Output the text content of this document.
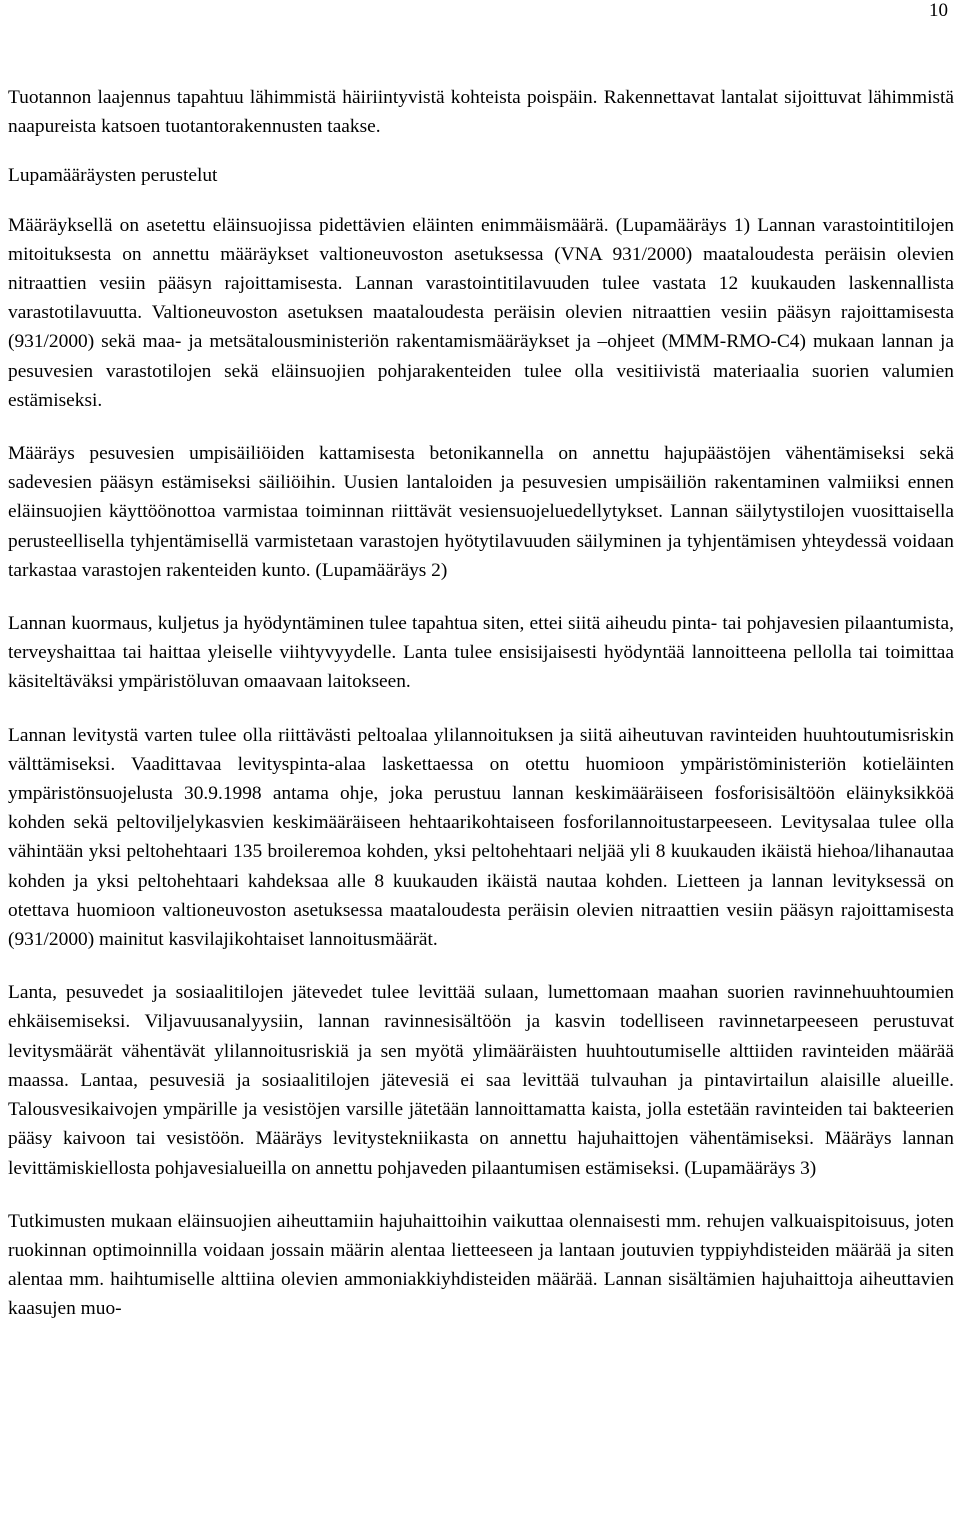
10

Tuotannon laajennus tapahtuu lähimmistä häiriintyvistä kohteista poispäin. Rakennettavat lantalat sijoittuvat lähimmistä naapureista katsoen tuotantorakennusten taakse.

Lupamääräysten perustelut

Määräyksellä on asetettu eläinsuojissa pidettävien eläinten enimmäismäärä. (Lupamääräys 1) Lannan varastointitilojen mitoituksesta on annettu määräykset valtioneuvoston asetuksessa (VNA 931/2000) maataloudesta peräisin olevien nitraattien vesiin pääsyn rajoittamisesta. Lannan varastointitilavuuden tulee vastata 12 kuukauden laskennallista varastotilavuutta. Valtioneuvoston asetuksen maataloudesta peräisin olevien nitraattien vesiin pääsyn rajoittamisesta (931/2000) sekä maa- ja metsätalousministeriön rakentamismääräykset ja –ohjeet (MMM-RMO-C4) mukaan lannan ja pesuvesien varastotilojen sekä eläinsuojien pohjarakenteiden tulee olla vesitiivistä materiaalia suorien valumien estämiseksi.

Määräys pesuvesien umpisäiliöiden kattamisesta betonikannella on annettu hajupäästöjen vähentämiseksi sekä sadevesien pääsyn estämiseksi säiliöihin. Uusien lantaloiden ja pesuvesien umpisäiliön rakentaminen valmiiksi ennen eläinsuojien käyttöönottoa varmistaa toiminnan riittävät vesiensuojeluedellytykset. Lannan säilytystilojen vuosittaisella perusteellisella tyhjentämisellä varmistetaan varastojen hyötytilavuuden säilyminen ja tyhjentämisen yhteydessä voidaan tarkastaa varastojen rakenteiden kunto. (Lupamääräys 2)

Lannan kuormaus, kuljetus ja hyödyntäminen tulee tapahtua siten, ettei siitä aiheudu pinta- tai pohjavesien pilaantumista, terveyshaittaa tai haittaa yleiselle viihtyvyydelle. Lanta tulee ensisijaisesti hyödyntää lannoitteena pellolla tai toimittaa käsiteltäväksi ympäristöluvan omaavaan laitokseen.

Lannan levitystä varten tulee olla riittävästi peltoalaa ylilannoituksen ja siitä aiheutuvan ravinteiden huuhtoutumisriskin välttämiseksi. Vaadittavaa levityspinta-alaa laskettaessa on otettu huomioon ympäristöministeriön kotieläinten ympäristönsuojelusta 30.9.1998 antama ohje, joka perustuu lannan keskimääräiseen fosforisisältöön eläinyksikköä kohden sekä peltoviljelykasvien keskimääräiseen hehtaarikohtaiseen fosforilannoitustarpeeseen. Levitysalaa tulee olla vähintään yksi peltohehtaari 135 broileremoa kohden, yksi peltohehtaari neljää yli 8 kuukauden ikäistä hiehoa/lihanautaa kohden ja yksi peltohehtaari kahdeksaa alle 8 kuukauden ikäistä nautaa kohden. Lietteen ja lannan levityksessä on otettava huomioon valtioneuvoston asetuksessa maataloudesta peräisin olevien nitraattien vesiin pääsyn rajoittamisesta (931/2000) mainitut kasvilajikohtaiset lannoitusmäärät.

Lanta, pesuvedet ja sosiaalitilojen jätevedet tulee levittää sulaan, lumettomaan maahan suorien ravinnehuuhtoumien ehkäisemiseksi. Viljavuusanalyysiin, lannan ravinnesisältöön ja kasvin todelliseen ravinnetarpeeseen perustuvat levitysmäärät vähentävät ylilannoitusriskiä ja sen myötä ylimääräisten huuhtoutumiselle alttiiden ravinteiden määrää maassa. Lantaa, pesuvesiä ja sosiaalitilojen jätevesiä ei saa levittää tulvauhan ja pintavirtailun alaisille alueille. Talousvesikaivojen ympärille ja vesistöjen varsille jätetään lannoittamatta kaista, jolla estetään ravinteiden tai bakteerien pääsy kaivoon tai vesistöön. Määräys levitystekniikasta on annettu hajuhaittojen vähentämiseksi. Määräys lannan levittämiskiellosta pohjavesialueilla on annettu pohjaveden pilaantumisen estämiseksi. (Lupamääräys 3)

Tutkimusten mukaan eläinsuojien aiheuttamiin hajuhaittoihin vaikuttaa olennaisesti mm. rehujen valkuaispitoisuus, joten ruokinnan optimoinnilla voidaan jossain määrin alentaa lietteeseen ja lantaan joutuvien typpiyhdisteiden määrää ja siten alentaa mm. haihtumiselle alttiina olevien ammoniakkiyhdisteiden määrää. Lannan sisältämien hajuhaittoja aiheuttavien kaasujen muo-
